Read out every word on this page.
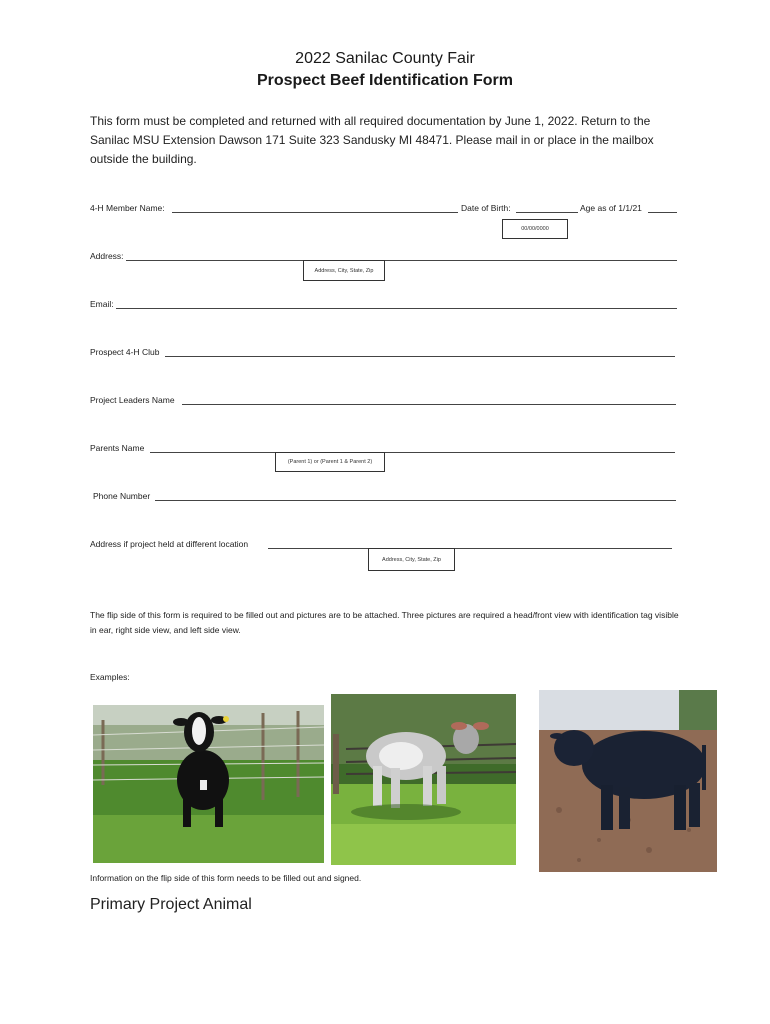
2022 Sanilac County Fair
Prospect Beef Identification Form
This form must be completed and returned with all required documentation by June 1, 2022. Return to the Sanilac MSU Extension Dawson 171 Suite 323 Sandusky MI 48471. Please mail in or place in the mailbox outside the building.
4-H Member Name:	Date of Birth:	Age as of 1/1/21
00/00/0000
Address:
Address, City, State, Zip
Email:
Prospect 4-H Club
Project Leaders Name
Parents Name
(Parent 1) or (Parent 1 & Parent 2)
Phone Number
Address if project held at different location
Address, City, State, Zip
The flip side of this form is required to be filled out and pictures are to be attached. Three pictures are required a head/front view with identification tag visible in ear, right side view, and left side view.
Examples:
Information on the flip side of this form needs to be filled out and signed.
Primary Project Animal
